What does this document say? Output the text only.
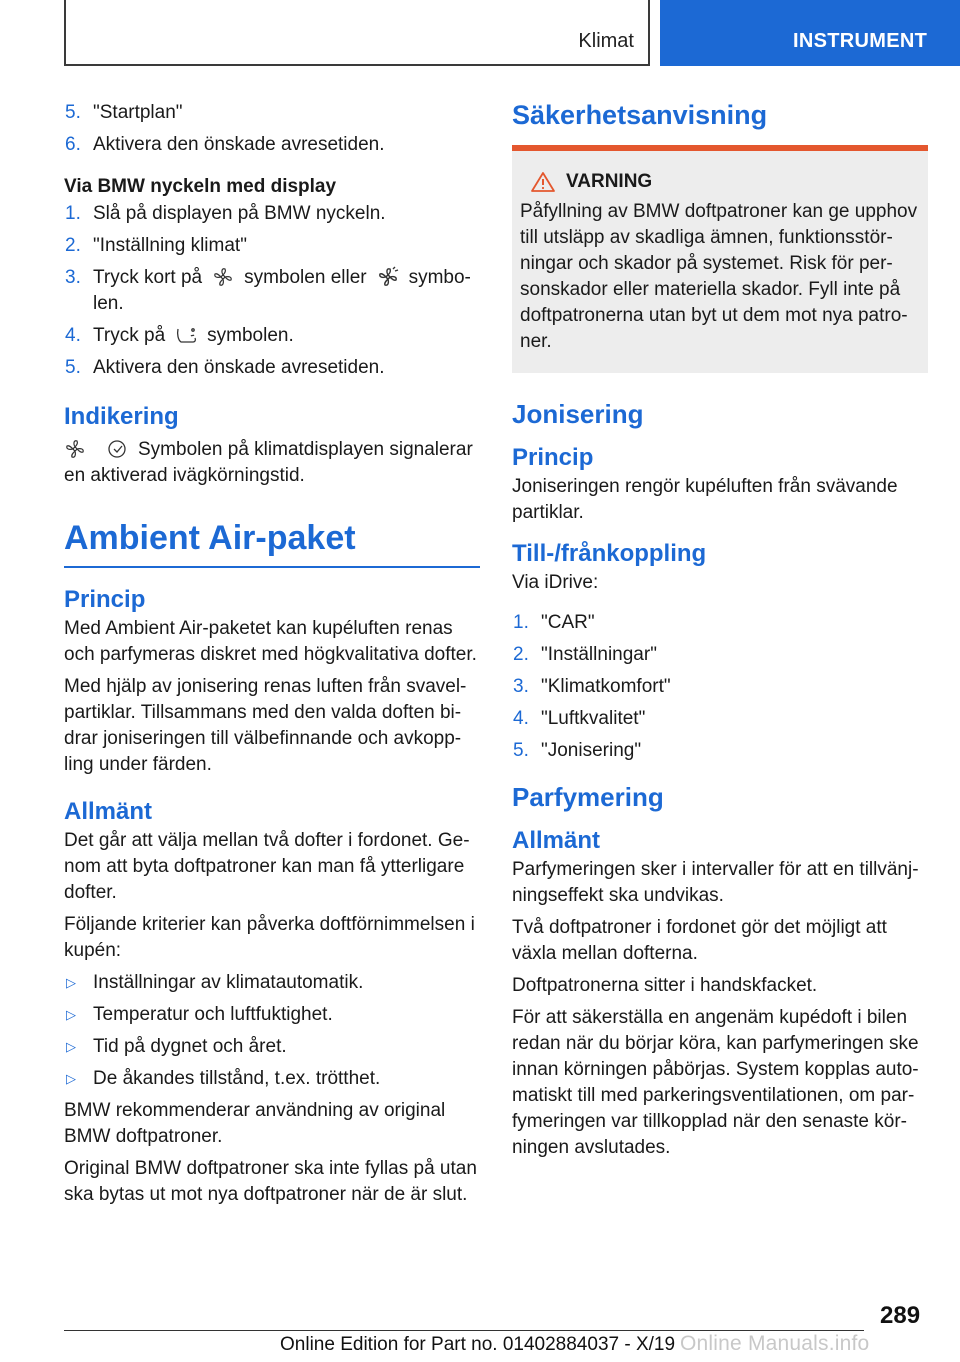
Klimat	INSTRUMENT
5. "Startplan"
6. Aktivera den önskade avresetiden.
Via BMW nyckeln med display
1. Slå på displayen på BMW nyckeln.
2. "Inställning klimat"
3. Tryck kort på symbolen eller symbo-len.
4. Tryck på symbolen.
5. Aktivera den önskade avresetiden.
Indikering

Symbolen på klimatdisplayen signalerar en aktiverad ivägkörningstid.

Ambient Air-paket
Princip

Med Ambient Air-paketet kan kupéluften renas och parfymeras diskret med högkvalitativa dofter.

Med hjälp av jonisering renas luften från svavel-partiklar. Tillsammans med den valda doften bi-drar joniseringen till välbefinnande och avkopp-ling under färden.

Allmänt

Det går att välja mellan två dofter i fordonet. Ge-nom att byta doftpatroner kan man få ytterligare dofter.

Följande kriterier kan påverka doftförnimmelsen i kupén:

▷ Inställningar av klimatautomatik.
▷ Temperatur och luftfuktighet.
▷ Tid på dygnet och året.
▷ De åkandes tillstånd, t.ex. trötthet.

BMW rekommenderar användning av original BMW doftpatroner.

Original BMW doftpatroner ska inte fyllas på utan ska bytas ut mot nya doftpatroner när de är slut.

Säkerhetsanvisning
VARNING

Påfyllning av BMW doftpatroner kan ge upphov till utsläpp av skadliga ämnen, funktionsstör-ningar och skador på systemet. Risk för per-sonskador eller materiella skador. Fyll inte på doftpatronerna utan byt ut dem mot nya patro-ner.

Jonisering
Princip

Joniseringen rengör kupéluften från svävande partiklar.

Till-/frånkoppling

Via iDrive:

1. "CAR"
2. "Inställningar"
3. "Klimatkomfort"
4. "Luftkvalitet"
5. "Jonisering"
Parfymering
Allmänt

Parfymeringen sker i intervaller för att en tillvänj-ningseffekt ska undvikas.

Två doftpatroner i fordonet gör det möjligt att växla mellan dofterna.

Doftpatronerna sitter i handskfacket.

För att säkerställa en angenäm kupédoft i bilen redan när du börjar köra, kan parfymeringen ske innan körningen påbörjas. System kopplas auto-matiskt till med parkeringsventilationen, om par-fymeringen var tillkopplad när den senaste kör-ningen avslutades.

289
Online Edition for Part no. 01402884037 - X/19 Online Manuals.info
